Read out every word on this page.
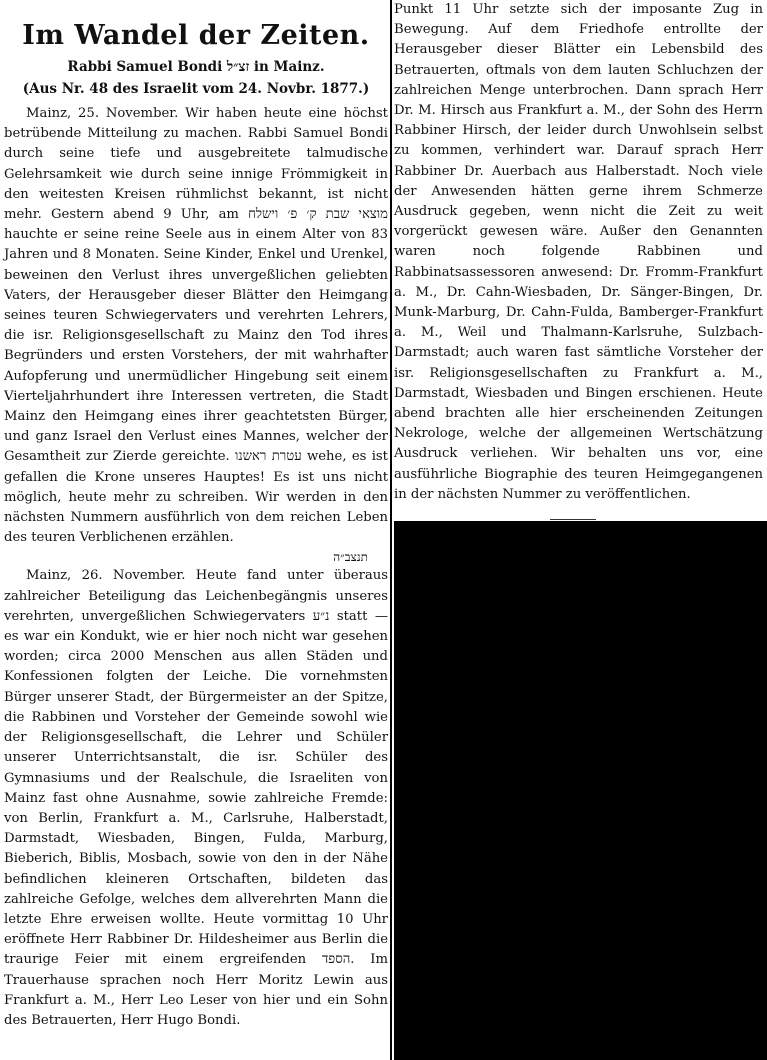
Im Wandel der Zeiten.
Rabbi Samuel Bondi זצ״ל in Mainz.
(Aus Nr. 48 des Israelit vom 24. Novbr. 1877.)

Mainz, 25. November. Wir haben heute eine höchst betrübende Mitteilung zu machen. Rabbi Samuel Bondi durch seine tiefe und ausgebreitete talmudische Gelehrsamkeit wie durch seine innige Frömmigkeit in den weitesten Kreisen rühmlichst bekannt, ist nicht mehr. Gestern abend 9 Uhr, am מוצאי שבת ק׳ פ׳ וישלח hauchte er seine reine Seele aus in einem Alter von 83 Jahren und 8 Monaten. Seine Kinder, Enkel und Urenkel, beweinen den Verlust ihres unvergeßlichen geliebten Vaters, der Herausgeber dieser Blätter den Heimgang seines teuren Schwiegervaters und verehrten Lehrers, die isr. Religionsgesellschaft zu Mainz den Tod ihres Begründers und ersten Vorstehers, der mit wahrhafter Aufopferung und unermüdlicher Hingebung seit einem Vierteljahrhundert ihre Interessen vertreten, die Stadt Mainz den Heimgang eines ihrer geachtetsten Bürger, und ganz Israel den Verlust eines Mannes, welcher der Gesamtheit zur Zierde gereichte. עטרת ראשנו wehe, es ist gefallen die Krone unseres Hauptes! Es ist uns nicht möglich, heute mehr zu schreiben. Wir werden in den nächsten Nummern ausführlich von dem reichen Leben des teuren Verblichenen erzählen.

תנצב״ה

Mainz, 26. November. Heute fand unter überaus zahlreicher Beteiligung das Leichenbegängnis unseres verehrten, unvergeßlichen Schwiegervaters נ״ע statt — es war ein Kondukt, wie er hier noch nicht war gesehen worden; circa 2000 Menschen aus allen Städen und Konfessionen folgten der Leiche. Die vornehmsten Bürger unserer Stadt, der Bürgermeister an der Spitze, die Rabbinen und Vorsteher der Gemeinde sowohl wie der Religionsgesellschaft, die Lehrer und Schüler unserer Unterrichtsanstalt, die isr. Schüler des Gymnasiums und der Realschule, die Israeliten von Mainz fast ohne Ausnahme, sowie zahlreiche Fremde: von Berlin, Frankfurt a. M., Carlsruhe, Halberstadt, Darmstadt, Wiesbaden, Bingen, Fulda, Marburg, Bieberich, Biblis, Mosbach, sowie von den in der Nähe befindlichen kleineren Ortschaften, bildeten das zahlreiche Gefolge, welches dem allverehrten Mann die letzte Ehre erweisen wollte. Heute vormittag 10 Uhr eröffnete Herr Rabbiner Dr. Hildesheimer aus Berlin die traurige Feier mit einem ergreifenden הספד. Im Trauerhause sprachen noch Herr Moritz Lewin aus Frankfurt a. M., Herr Leo Leser von hier und ein Sohn des Betrauerten, Herr Hugo Bondi.

Punkt 11 Uhr setzte sich der imposante Zug in Bewegung. Auf dem Friedhofe entrollte der Herausgeber dieser Blätter ein Lebensbild des Betrauerten, oftmals von dem lauten Schluchzen der zahlreichen Menge unterbrochen. Dann sprach Herr Dr. M. Hirsch aus Frankfurt a. M., der Sohn des Herrn Rabbiner Hirsch, der leider durch Unwohlsein selbst zu kommen, verhindert war. Darauf sprach Herr Rabbiner Dr. Auerbach aus Halberstadt. Noch viele der Anwesenden hätten gerne ihrem Schmerze Ausdruck gegeben, wenn nicht die Zeit zu weit vorgerückt gewesen wäre. Außer den Genannten waren noch folgende Rabbinen und Rabbinatsassessoren anwesend: Dr. Fromm-Frankfurt a. M., Dr. Cahn-Wiesbaden, Dr. Sänger-Bingen, Dr. Munk-Marburg, Dr. Cahn-Fulda, Bamberger-Frankfurt a. M., Weil und Thalmann-Karlsruhe, Sulzbach-Darmstadt; auch waren fast sämtliche Vorsteher der isr. Religionsgesellschaften zu Frankfurt a. M., Darmstadt, Wiesbaden und Bingen erschienen. Heute abend brachten alle hier erscheinenden Zeitungen Nekrologe, welche der allgemeinen Wertschätzung Ausdruck verliehen. Wir behalten uns vor, eine ausführliche Biographie des teuren Heimgegangenen in der nächsten Nummer zu veröffentlichen.
